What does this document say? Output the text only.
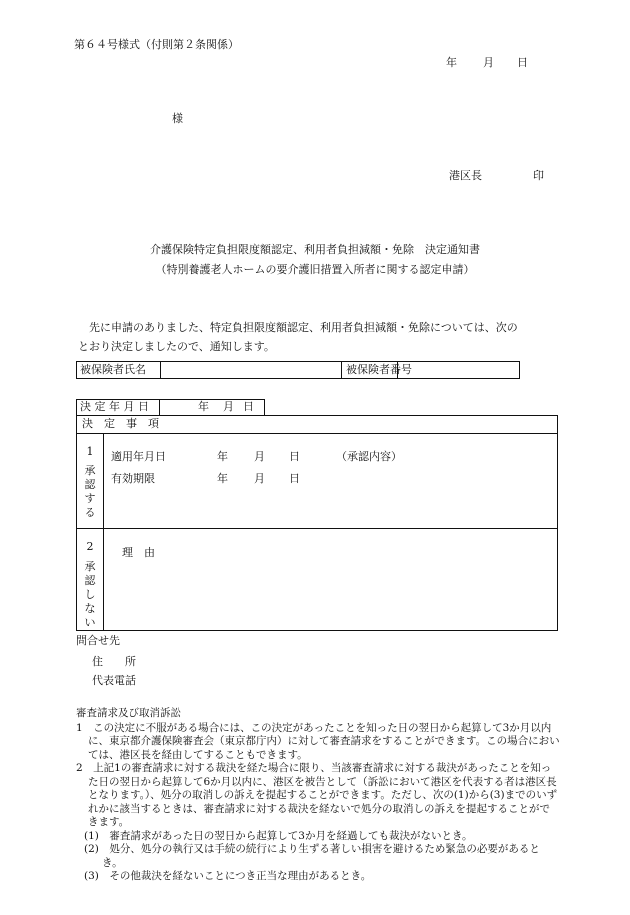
第６４号様式（付則第２条関係）
年 月 日
様
港区長	印
介護保険特定負担限度額認定、利用者負担減額・免除　決定通知書
（特別養護老人ホームの要介護旧措置入所者に関する認定申請）

　先に申請のありました、特定負担限度額認定、利用者負担減額・免除については、次の

とおり決定しましたので、通知します。

被保険者氏名	被保険者番号
決 定 年 月 日	年 月 日
決　定　事　項
1
承
認
す
る
適用年月日	年 月 日	（承認内容）
有効期限	年 月 日
2
承
認
し
な
い
理　由
問合せ先
住　　所
代表電話

審査請求及び取消訴訟

1　この決定に不服がある場合には、この決定があったことを知った日の翌日から起算して3か月以内に、東京都介護保険審査会（東京都庁内）に対して審査請求をすることができます。この場合においては、港区長を経由してすることもできます。

2　上記1の審査請求に対する裁決を経た場合に限り、当該審査請求に対する裁決があったことを知った日の翌日から起算して6か月以内に、港区を被告として（訴訟において港区を代表する者は港区長となります。）、処分の取消しの訴えを提起することができます。ただし、次の(1)から(3)までのいずれかに該当するときは、審査請求に対する裁決を経ないで処分の取消しの訴えを提起することができます。

(1)　審査請求があった日の翌日から起算して3か月を経過しても裁決がないとき。

(2)　処分、処分の執行又は手続の続行により生ずる著しい損害を避けるため緊急の必要があるとき。

(3)　その他裁決を経ないことにつき正当な理由があるとき。
